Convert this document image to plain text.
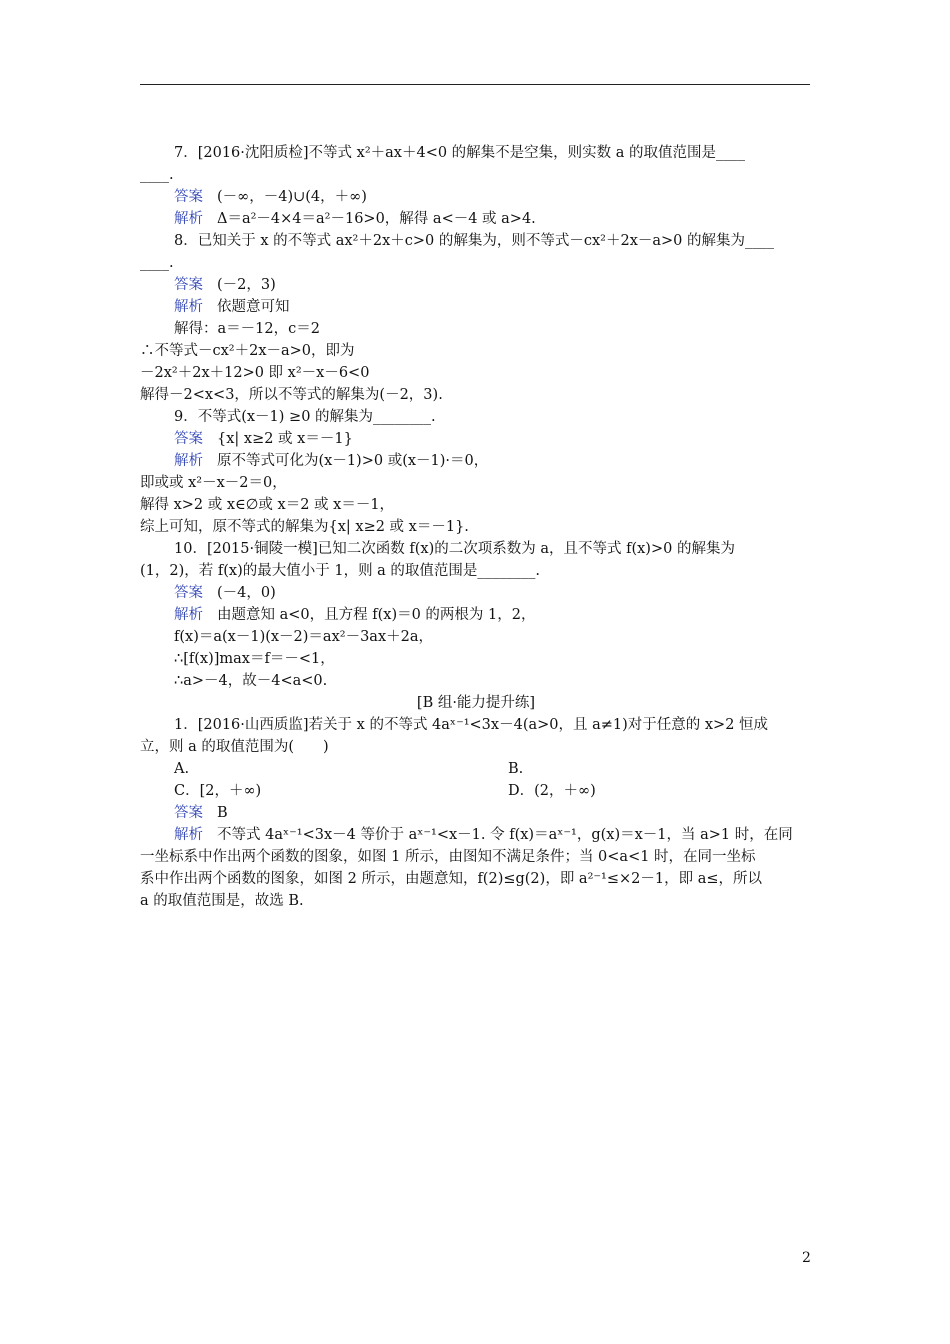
7．[2016·沈阳质检]不等式 x²＋ax＋4<0 的解集不是空集，则实数 a 的取值范围是____
____.
答案 (－∞，－4)∪(4，＋∞)
解析 Δ＝a²－4×4＝a²－16>0，解得 a<－4 或 a>4.
8．已知关于 x 的不等式 ax²＋2x＋c>0 的解集为，则不等式－cx²＋2x－a>0 的解集为____
____.
答案 (－2，3)
解析 依题意可知
解得：a＝－12，c＝2
∴不等式－cx²＋2x－a>0，即为
－2x²＋2x＋12>0 即 x²－x－6<0
解得－2<x<3，所以不等式的解集为(－2，3).
9．不等式(x－1) ≥0 的解集为________.
答案 {x| x≥2 或 x＝－1}
解析 原不等式可化为(x－1)>0 或(x－1)·＝0，
即或或 x²－x－2＝0，
解得 x>2 或 x∈∅或 x＝2 或 x＝－1，
综上可知，原不等式的解集为{x| x≥2 或 x＝－1}.
10．[2015·铜陵一模]已知二次函数 f(x)的二次项系数为 a，且不等式 f(x)>0 的解集为
(1，2)，若 f(x)的最大值小于 1，则 a 的取值范围是________.
答案 (－4，0)
解析 由题意知 a<0，且方程 f(x)＝0 的两根为 1，2，
f(x)＝a(x－1)(x－2)＝ax²－3ax＋2a，
∴[f(x)]max＝f＝－<1，
∴a>－4，故－4<a<0.
[B 组·能力提升练]
1．[2016·山西质监]若关于 x 的不等式 4aˣ⁻¹<3x－4(a>0，且 a≠1)对于任意的 x>2 恒成
立，则 a 的取值范围为(　　)
A.	B.
C．[2，＋∞)	D．(2，＋∞)
答案 B
解析 不等式 4aˣ⁻¹<3x－4 等价于 aˣ⁻¹<x－1. 令 f(x)＝aˣ⁻¹，g(x)＝x－1，当 a>1 时，在同
一坐标系中作出两个函数的图象，如图 1 所示，由图知不满足条件；当 0<a<1 时，在同一坐标
系中作出两个函数的图象，如图 2 所示，由题意知，f(2)≤g(2)，即 a²⁻¹≤×2－1，即 a≤，所以
a 的取值范围是，故选 B.
2
